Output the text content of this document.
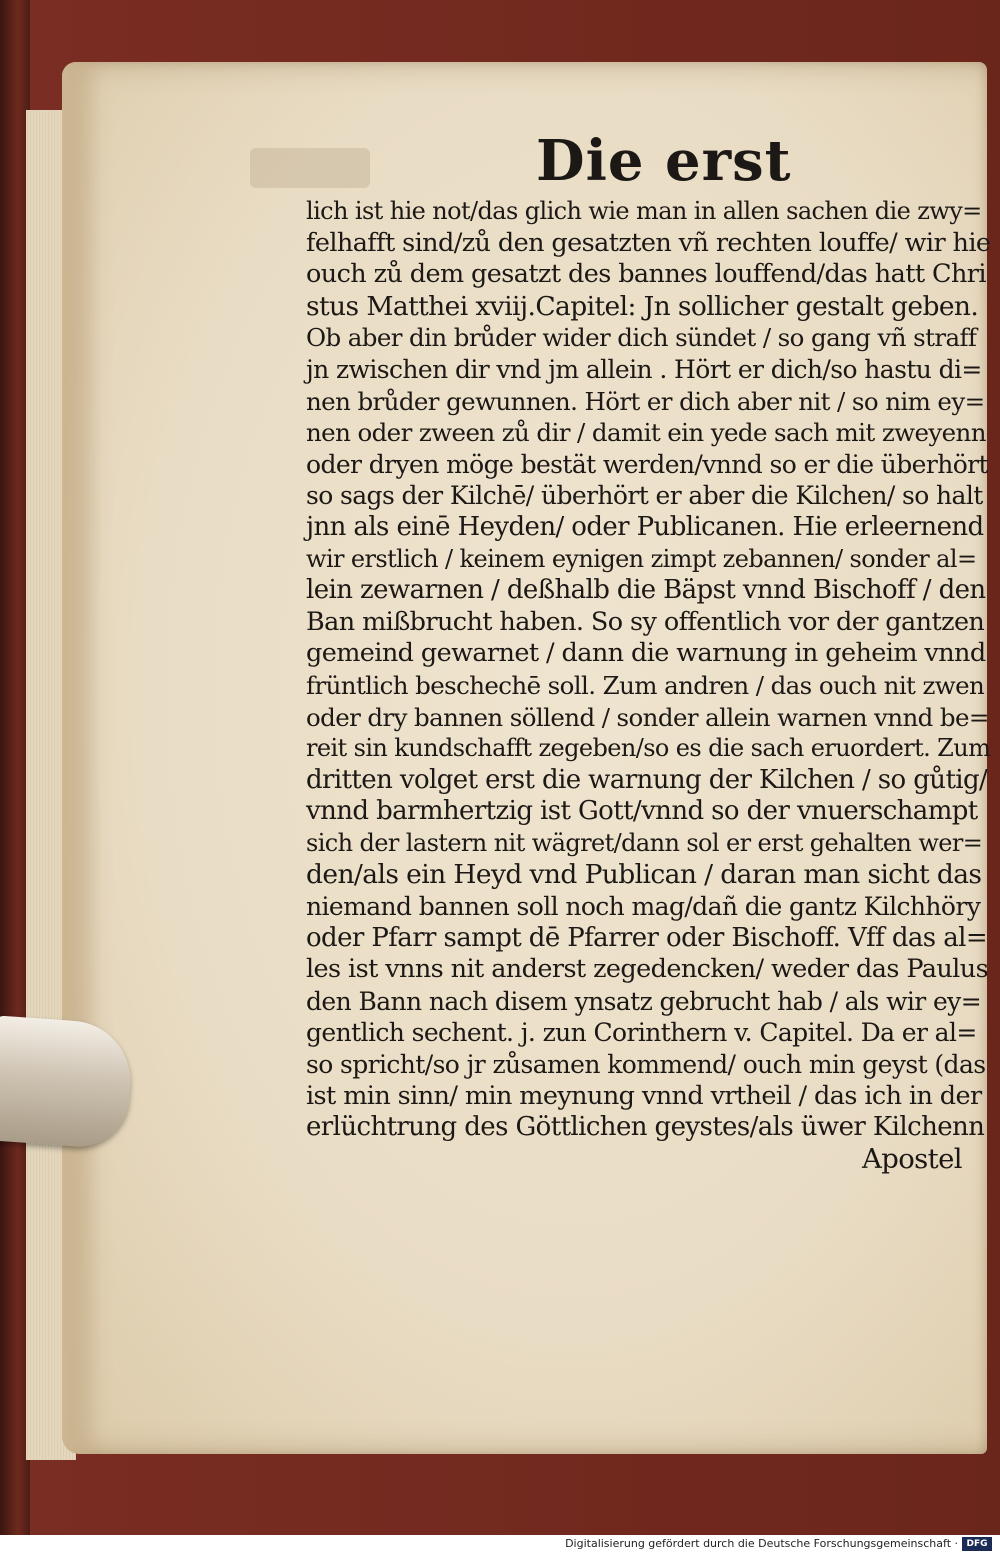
Die erst
lich ist hie not/das glich wie man in allen sachen die zwy=
felhafft sind/zů den gesatzten vñ rechten louffe/ wir hie
ouch zů dem gesatzt des bannes louffend/das hatt Chri
stus Matthei xviij.Capitel: Jn sollicher gestalt geben.
Ob aber din brůder wider dich sündet / so gang vñ straff
jn zwischen dir vnd jm allein . Hört er dich/so hastu di=
nen brůder gewunnen. Hört er dich aber nit / so nim ey=
nen oder zween zů dir / damit ein yede sach mit zweyenn
oder dryen möge bestät werden/vnnd so er die überhört
so sags der Kilchē/ überhört er aber die Kilchen/ so halt
jnn als einē Heyden/ oder Publicanen. Hie erleernend
wir erstlich / keinem eynigen zimpt zebannen/ sonder al=
lein zewarnen / deßhalb die Bäpst vnnd Bischoff / den
Ban mißbrucht haben. So sy offentlich vor der gantzen
gemeind gewarnet / dann die warnung in geheim vnnd
früntlich beschechē soll. Zum andren / das ouch nit zwen
oder dry bannen söllend / sonder allein warnen vnnd be=
reit sin kundschafft zegeben/so es die sach eruordert. Zum
dritten volget erst die warnung der Kilchen / so gůtig/
vnnd barmhertzig ist Gott/vnnd so der vnuerschampt
sich der lastern nit wägret/dann sol er erst gehalten wer=
den/als ein Heyd vnd Publican / daran man sicht das
niemand bannen soll noch mag/dañ die gantz Kilchhöry
oder Pfarr sampt dē Pfarrer oder Bischoff. Vff das al=
les ist vnns nit anderst zegedencken/ weder das Paulus
den Bann nach disem ynsatz gebrucht hab / als wir ey=
gentlich sechent. j. zun Corinthern v. Capitel. Da er al=
so spricht/so jr zůsamen kommend/ ouch min geyst (das
ist min sinn/ min meynung vnnd vrtheil / das ich in der
erlüchtrung des Göttlichen geystes/als üwer Kilchenn
Apostel
Digitalisierung gefördert durch die Deutsche Forschungsgemeinschaft · DFG
